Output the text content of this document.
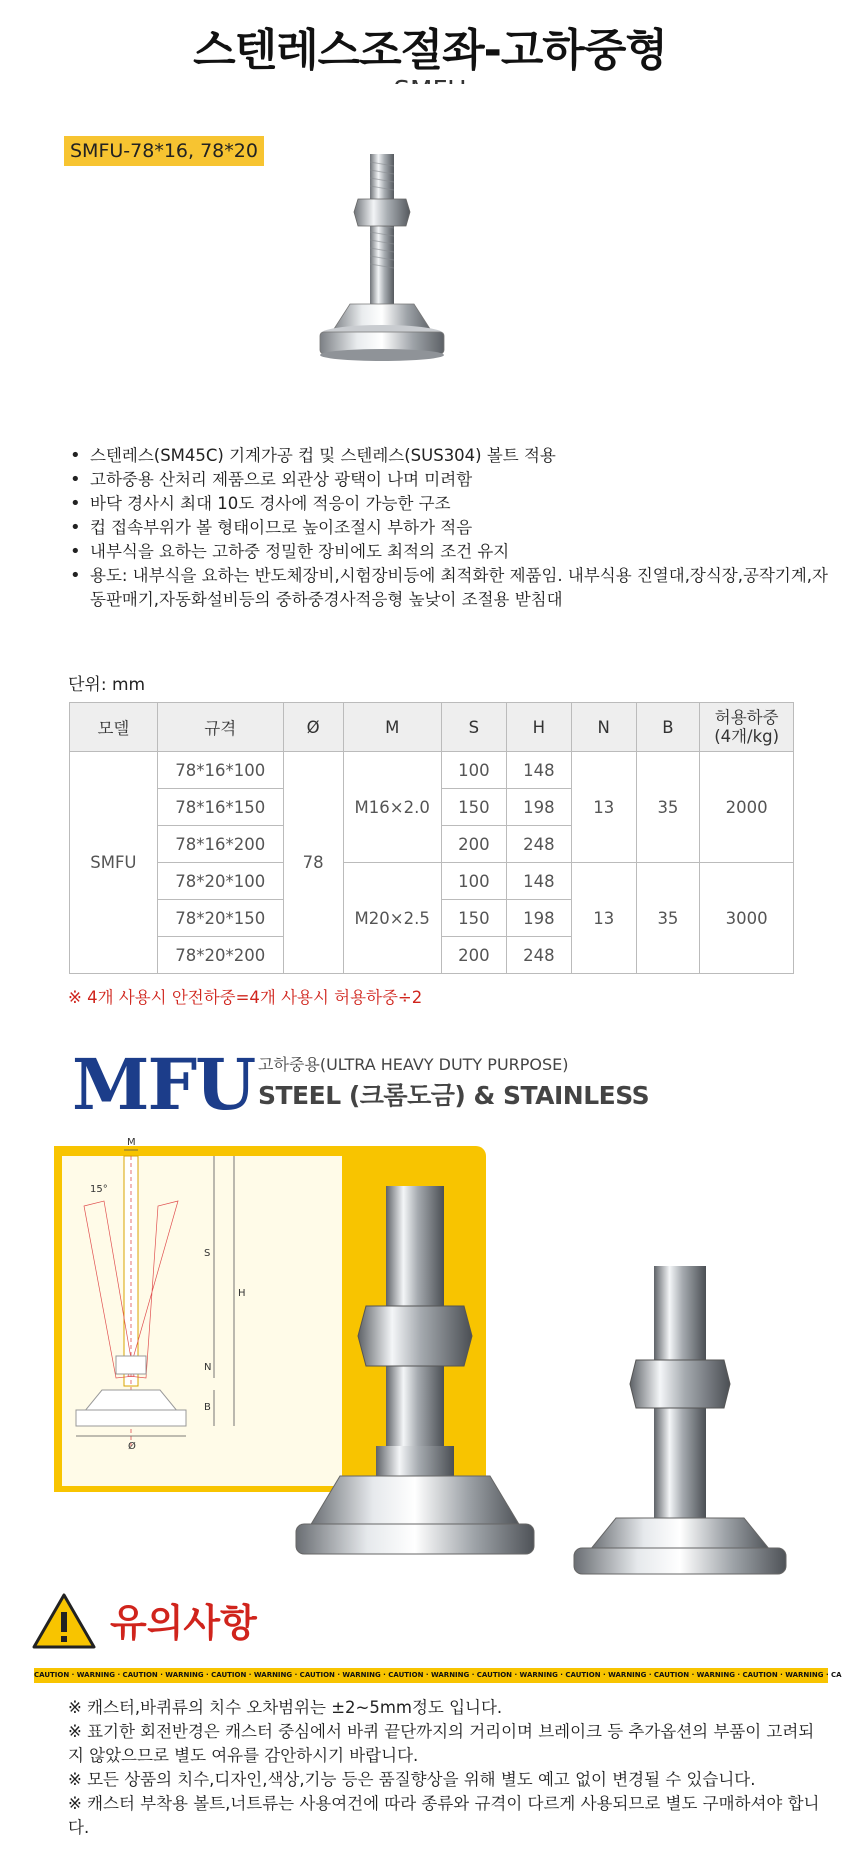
스텐레스조절좌-고하중형
SMFU-78*16, 78*20
• 스텐레스(SM45C) 기계가공 컵 및 스텐레스(SUS304) 볼트 적용
• 고하중용 산처리 제품으로 외관상 광택이 나며 미려함
• 바닥 경사시 최대 10도 경사에 적응이 가능한 구조
• 컵 접속부위가 볼 형태이므로 높이조절시 부하가 적음
• 내부식을 요하는 고하중 정밀한 장비에도 최적의 조건 유지
• 용도: 내부식을 요하는 반도체장비,시험장비등에 최적화한 제품임. 내부식용 진열대,장식장,공작기계,자동판매기,자동화설비등의 중하중경사적응형 높낮이 조절용 받침대
단위: mm
모델	규격	Ø	M	S	H	N	B	허용하중
(4개/kg)
SMFU	78*16*100	78	M16×2.0	100	148	13	35	2000
	78*16*150			150	198			
	78*16*200			200	248			
	78*20*100		M20×2.5	100	148	13	35	3000
	78*20*150			150	198			
	78*20*200			200	248			
※ 4개 사용시 안전하중=4개 사용시 허용하중÷2
MFU 고하중용(ULTRA HEAVY DUTY PURPOSE)
STEEL (크롬도금) & STAINLESS
M
15°
S
H
N
B
Ø
유의사항
CAUTION · WARNING · CAUTION · WARNING · CAUTION · WARNING · CAUTION · WARNING · CAUTION · WARNING · CAUTION · WARNING · CAUTION · WARNING · CAUTION · WARNING · CAUTION · WARNING · CA
※ 캐스터,바퀴류의 치수 오차범위는 ±2~5mm정도 입니다.
※ 표기한 회전반경은 캐스터 중심에서 바퀴 끝단까지의 거리이며 브레이크 등 추가옵션의 부품이 고려되지 않았으므로 별도 여유를 감안하시기 바랍니다.
※ 모든 상품의 치수,디자인,색상,기능 등은 품질향상을 위해 별도 예고 없이 변경될 수 있습니다.
※ 캐스터 부착용 볼트,너트류는 사용여건에 따라 종류와 규격이 다르게 사용되므로 별도 구매하셔야 합니다.
